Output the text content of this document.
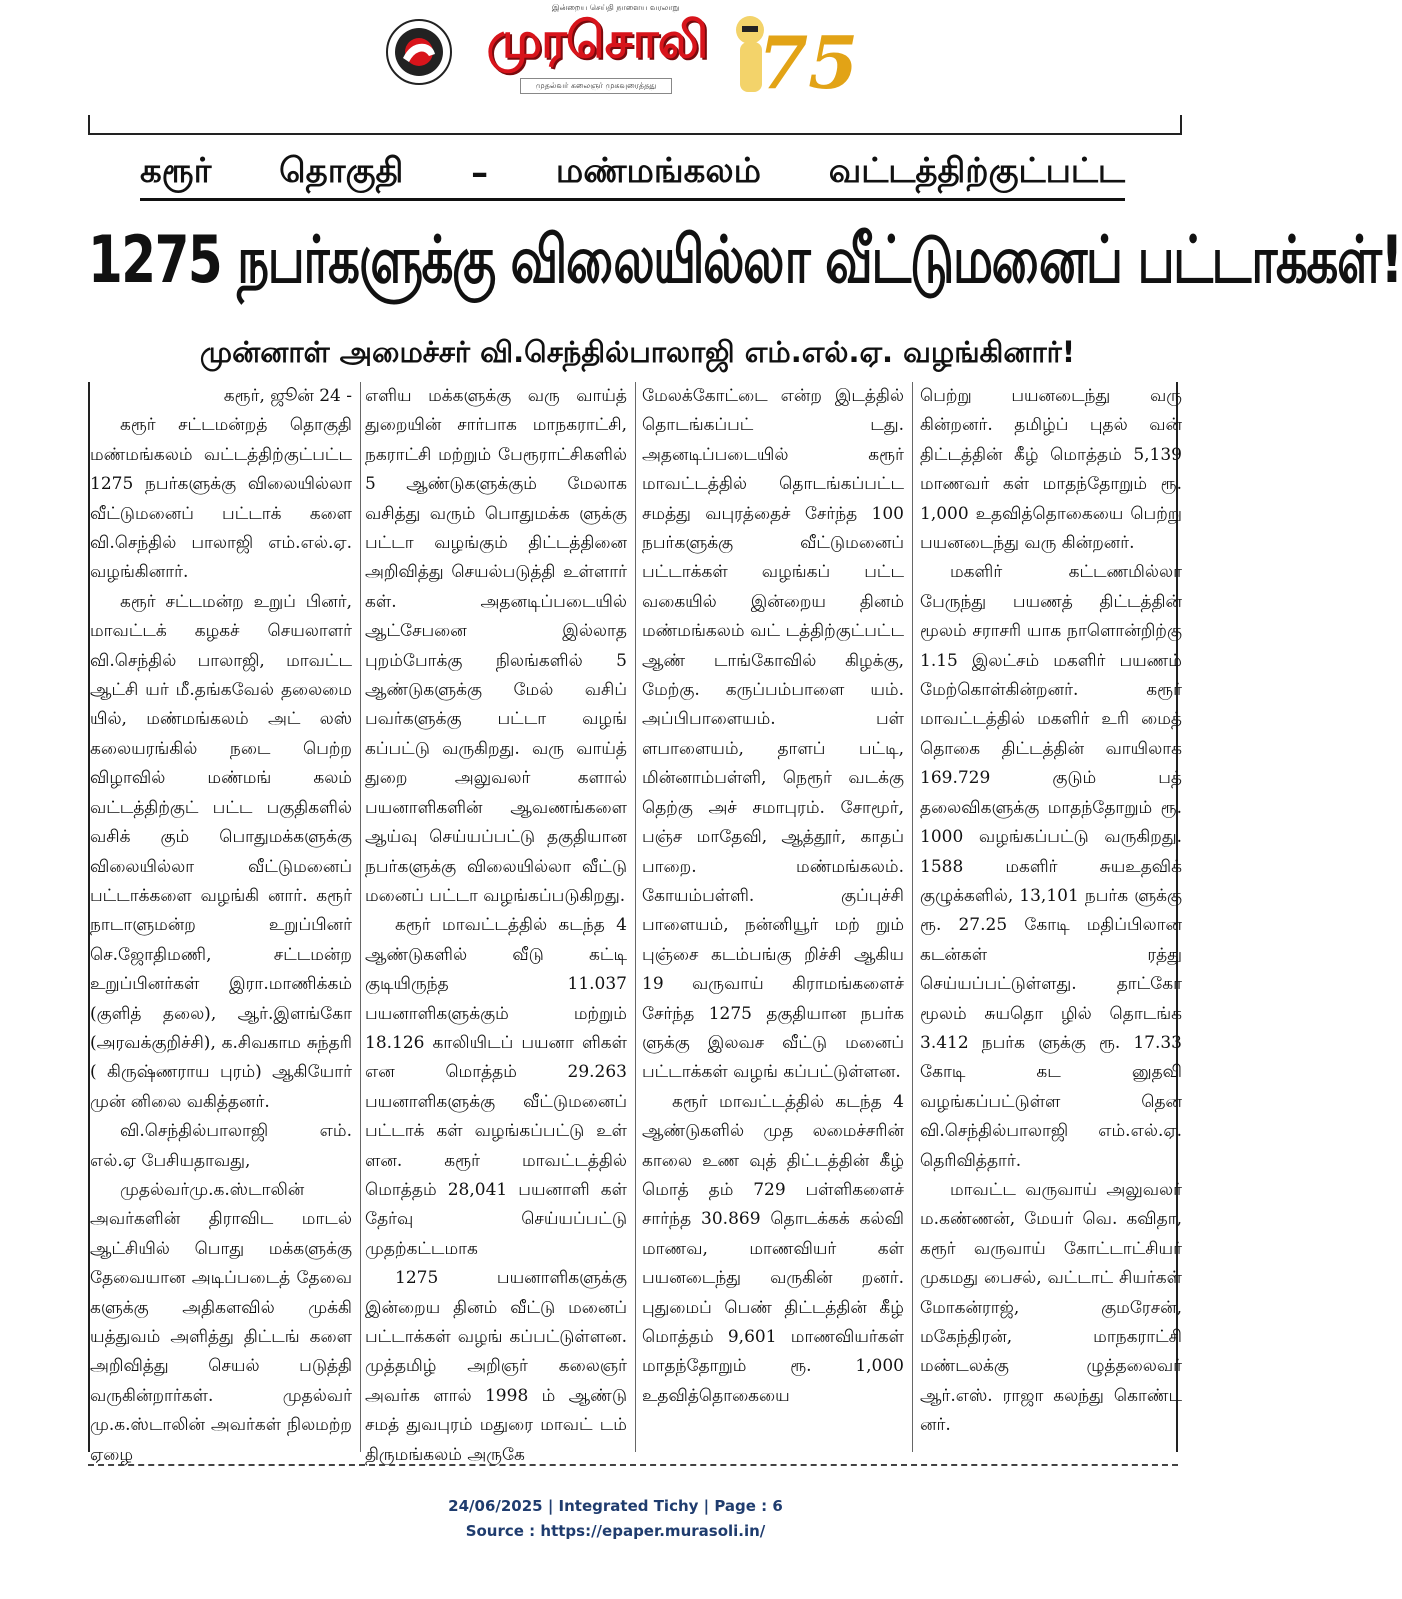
இன்றைய செய்தி நாளைய வரலாறு
முரசொலி
முதல்வர் கலைஞர் முகவுரைத்தது 75
கரூர் தொகுதி – மண்மங்கலம் வட்டத்திற்குட்பட்ட
1275 நபர்களுக்கு விலையில்லா வீட்டுமனைப் பட்டாக்கள்!
முன்னாள் அமைச்சர் வி.செந்தில்பாலாஜி எம்.எல்.ஏ. வழங்கினார்!

கரூர், ஜூன் 24 -

கரூர் சட்டமன்றத் தொகுதி மண்மங்கலம் வட்டத்திற்குட்பட்ட 1275 நபர்களுக்கு விலையில்லா வீட்டுமனைப் பட்டாக் களை வி.செந்தில் பாலாஜி எம்.எல்.ஏ. வழங்கினார்.

கரூர் சட்டமன்ற உறுப் பினர், மாவட்டக் கழகச் செயலாளர் வி.செந்தில் பாலாஜி, மாவட்ட ஆட்சி யர் மீ.தங்கவேல் தலைமை யில், மண்மங்கலம் அட் லஸ் கலையரங்கில் நடை பெற்ற விழாவில் மண்மங் கலம் வட்டத்திற்குட் பட்ட பகுதிகளில் வசிக் கும் பொதுமக்களுக்கு விலையில்லா வீட்டுமனைப் பட்டாக்களை வழங்கி னார். கரூர் நாடாளுமன்ற உறுப்பினர் செ.ஜோதிமணி, சட்டமன்ற உறுப்பினர்கள் இரா.மாணிக்கம் (குளித் தலை), ஆர்.இளங்கோ (அரவக்குறிச்சி), க.சிவகாம சுந்தரி ( கிருஷ்ணராய புரம்) ஆகியோர் முன் னிலை வகித்தனர்.

வி.செந்தில்பாலாஜி எம். எல்.ஏ பேசியதாவது,

முதல்வர்மு.க.ஸ்டாலின் அவர்களின் திராவிட மாடல் ஆட்சியில் பொது மக்களுக்கு தேவையான அடிப்படைத் தேவை களுக்கு அதிகளவில் முக்கி யத்துவம் அளித்து திட்டங் களை அறிவித்து செயல் படுத்தி வருகின்றார்கள். முதல்வர் மு.க.ஸ்டாலின் அவர்கள் நிலமற்ற ஏழை

எளிய மக்களுக்கு வரு வாய்த் துறையின் சார்பாக மாநகராட்சி, நகராட்சி மற்றும் பேரூராட்சிகளில் 5 ஆண்டுகளுக்கும் மேலாக வசித்து வரும் பொதுமக்க ளுக்கு பட்டா வழங்கும் திட்டத்தினை அறிவித்து செயல்படுத்தி உள்ளார் கள். அதனடிப்படையில் ஆட்சேபனை இல்லாத புறம்போக்கு நிலங்களில் 5 ஆண்டுகளுக்கு மேல் வசிப் பவர்களுக்கு பட்டா வழங் கப்பட்டு வருகிறது. வரு வாய்த் துறை அலுவலர் களால் பயனாளிகளின் ஆவணங்களை ஆய்வு செய்யப்பட்டு தகுதியான நபர்களுக்கு விலையில்லா வீட்டு மனைப் பட்டா வழங்கப்படுகிறது.

கரூர் மாவட்டத்தில் கடந்த 4 ஆண்டுகளில் வீடு கட்டி குடியிருந்த 11.037 பயனாளிகளுக்கும் மற்றும் 18.126 காலியிடப் பயனா ளிகள் என மொத்தம் 29.263 பயனாளிகளுக்கு வீட்டுமனைப் பட்டாக் கள் வழங்கப்பட்டு உள் ளன. கரூர் மாவட்டத்தில் மொத்தம் 28,041 பயனாளி கள் தேர்வு செய்யப்பட்டு முதற்கட்டமாக

1275 பயனாளிகளுக்கு இன்றைய தினம் வீட்டு மனைப் பட்டாக்கள் வழங் கப்பட்டுள்ளன. முத்தமிழ் அறிஞர் கலைஞர் அவர்க ளால் 1998 ம் ஆண்டு சமத் துவபுரம் மதுரை மாவட் டம் திருமங்கலம் அருகே

மேலக்கோட்டை என்ற இடத்தில் தொடங்கப்பட் டது. அதனடிப்படையில் கரூர் மாவட்டத்தில் தொடங்கப்பட்ட சமத்து வபுரத்தைச் சேர்ந்த 100 நபர்களுக்கு வீட்டுமனைப் பட்டாக்கள் வழங்கப் பட்ட வகையில் இன்றைய தினம் மண்மங்கலம் வட் டத்திற்குட்பட்ட ஆண் டாங்கோவில் கிழக்கு, மேற்கு. கருப்பம்பாளை யம். அப்பிபாளையம். பள் ளபாளையம், தாளப் பட்டி, மின்னாம்பள்ளி, நெரூர் வடக்கு தெற்கு அச் சமாபுரம். சோமூர், பஞ்ச மாதேவி, ஆத்தூர், காதப் பாறை. மண்மங்கலம். கோயம்பள்ளி. குப்புச்சி பாளையம், நன்னியூர் மற் றும் புஞ்சை கடம்பங்கு றிச்சி ஆகிய 19 வருவாய் கிராமங்களைச் சேர்ந்த 1275 தகுதியான நபர்க ளுக்கு இலவச வீட்டு மனைப் பட்டாக்கள் வழங் கப்பட்டுள்ளன.

கரூர் மாவட்டத்தில் கடந்த 4 ஆண்டுகளில் முத லமைச்சரின் காலை உண வுத் திட்டத்தின் கீழ் மொத் தம் 729 பள்ளிகளைச் சார்ந்த 30.869 தொடக்கக் கல்வி மாணவ, மாணவியர் கள் பயனடைந்து வருகின் றனர். புதுமைப் பெண் திட்டத்தின் கீழ் மொத்தம் 9,601 மாணவியர்கள் மாதந்தோறும் ரூ. 1,000 உதவித்தொகையை

பெற்று பயனடைந்து வரு கின்றனர். தமிழ்ப் புதல் வன் திட்டத்தின் கீழ் மொத்தம் 5,139 மாணவர் கள் மாதந்தோறும் ரூ. 1,000 உதவித்தொகையை பெற்று பயனடைந்து வரு கின்றனர்.

மகளிர் கட்டணமில்லா பேருந்து பயணத் திட்டத்தின் மூலம் சராசரி யாக நாளொன்றிற்கு 1.15 இலட்சம் மகளிர் பயணம் மேற்கொள்கின்றனர். கரூர் மாவட்டத்தில் மகளிர் உரி மைத் தொகை திட்டத்தின் வாயிலாக 169.729 குடும் பத் தலைவிகளுக்கு மாதந்தோறும் ரூ. 1000 வழங்கப்பட்டு வருகிறது. 1588 மகளிர் சுயஉதவிக் குழுக்களில், 13,101 நபர்க ளுக்கு ரூ. 27.25 கோடி மதிப்பிலான கடன்கள் ரத்து செய்யப்பட்டுள்ளது. தாட்கோ மூலம் சுயதொ ழில் தொடங்க 3.412 நபர்க ளுக்கு ரூ. 17.33 கோடி கட னுதவி வழங்கப்பட்டுள்ள தென வி.செந்தில்பாலாஜி எம்.எல்.ஏ. தெரிவித்தார்.

மாவட்ட வருவாய் அலுவலர் ம.கண்ணன், மேயர் வெ. கவிதா, கரூர் வருவாய் கோட்டாட்சியர் முகமது பைசல், வட்டாட் சியர்கள் மோகன்ராஜ், குமரேசன், மகேந்திரன், மாநகராட்சி மண்டலக்கு ழுத்தலைவர் ஆர்.எஸ். ராஜா கலந்து கொண்ட னர்.

24/06/2025 | Integrated Tichy | Page : 6
Source : https://epaper.murasoli.in/
